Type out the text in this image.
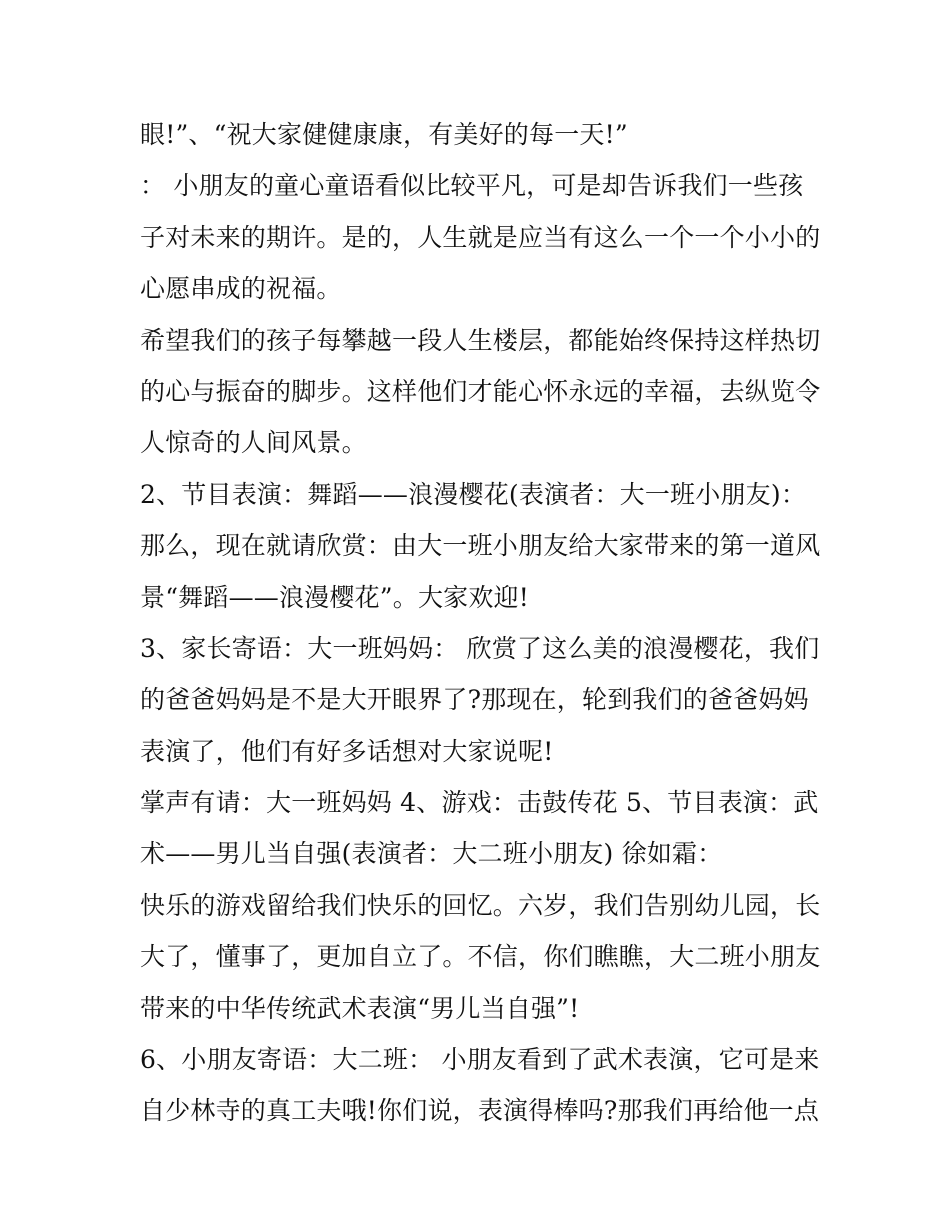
眼!”、“祝大家健健康康，有美好的每一天!”
： 小朋友的童心童语看似比较平凡，可是却告诉我们一些孩
子对未来的期许。是的，人生就是应当有这么一个一个小小的
心愿串成的祝福。
希望我们的孩子每攀越一段人生楼层，都能始终保持这样热切
的心与振奋的脚步。这样他们才能心怀永远的幸福，去纵览令
人惊奇的人间风景。
2、节目表演：舞蹈——浪漫樱花(表演者：大一班小朋友)：
那么，现在就请欣赏：由大一班小朋友给大家带来的第一道风
景“舞蹈——浪漫樱花”。大家欢迎!
3、家长寄语：大一班妈妈： 欣赏了这么美的浪漫樱花，我们
的爸爸妈妈是不是大开眼界了?那现在，轮到我们的爸爸妈妈
表演了，他们有好多话想对大家说呢!
掌声有请：大一班妈妈 4、游戏：击鼓传花 5、节目表演：武
术——男儿当自强(表演者：大二班小朋友) 徐如霜：
快乐的游戏留给我们快乐的回忆。六岁，我们告别幼儿园，长
大了，懂事了，更加自立了。不信，你们瞧瞧，大二班小朋友
带来的中华传统武术表演“男儿当自强”!
6、小朋友寄语：大二班： 小朋友看到了武术表演，它可是来
自少林寺的真工夫哦!你们说，表演得棒吗?那我们再给他一点
